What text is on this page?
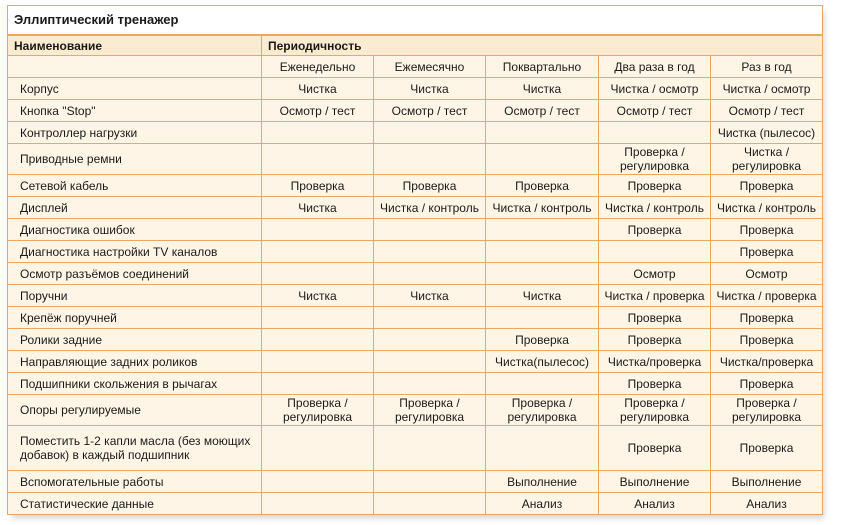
Эллиптический тренажер					
Наименование	Периодичность				
	Еженедельно	Ежемесячно	Поквартально	Два раза в год	Раз в год
Корпус	Чистка	Чистка	Чистка	Чистка / осмотр	Чистка / осмотр
Кнопка "Stop"	Осмотр / тест	Осмотр / тест	Осмотр / тест	Осмотр / тест	Осмотр / тест
Контроллер нагрузки					Чистка (пылесос)
Приводные ремни				Проверка / регулировка	Чистка / регулировка
Сетевой кабель	Проверка	Проверка	Проверка	Проверка	Проверка
Дисплей	Чистка	Чистка / контроль	Чистка / контроль	Чистка / контроль	Чистка / контроль
Диагностика ошибок				Проверка	Проверка
Диагностика настройки TV каналов					Проверка
Осмотр разъёмов соединений				Осмотр	Осмотр
Поручни	Чистка	Чистка	Чистка	Чистка / проверка	Чистка / проверка
Крепёж поручней				Проверка	Проверка
Ролики задние			Проверка	Проверка	Проверка
Направляющие задних роликов			Чистка(пылесос)	Чистка/проверка	Чистка/проверка
Подшипники скольжения в рычагах				Проверка	Проверка
Опоры регулируемые	Проверка / регулировка	Проверка / регулировка	Проверка / регулировка	Проверка / регулировка	Проверка / регулировка
Поместить 1-2 капли масла (без моющих добавок) в каждый подшипник				Проверка	Проверка
Вспомогательные работы			Выполнение	Выполнение	Выполнение
Статистические данные			Анализ	Анализ	Анализ
